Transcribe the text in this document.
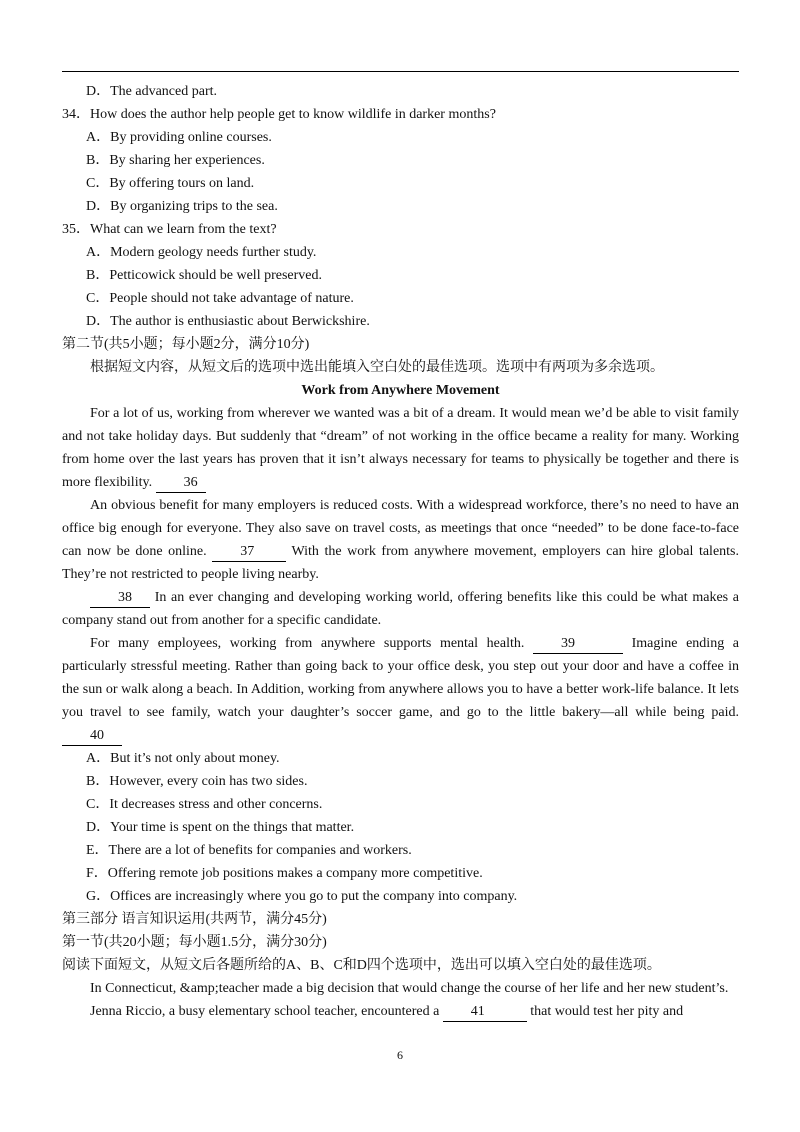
D．The advanced part.
34．How does the author help people get to know wildlife in darker months?
A．By providing online courses.
B．By sharing her experiences.
C．By offering tours on land.
D．By organizing trips to the sea.
35．What can we learn from the text?
A．Modern geology needs further study.
B．Petticowick should be well preserved.
C．People should not take advantage of nature.
D．The author is enthusiastic about Berwickshire.
第二节(共5小题；每小题2分，满分10分)
根据短文内容，从短文后的选项中选出能填入空白处的最佳选项。选项中有两项为多余选项。
Work from Anywhere Movement
For a lot of us, working from wherever we wanted was a bit of a dream. It would mean we’d be able to visit family and not take holiday days. But suddenly that “dream” of not working in the office became a reality for many. Working from home over the last years has proven that it isn’t always necessary for teams to physically be together and there is more flexibility. 36
An obvious benefit for many employers is reduced costs. With a widespread workforce, there’s no need to have an office big enough for everyone. They also save on travel costs, as meetings that once “needed” to be done face-to-face can now be done online. 37	With the work from anywhere movement, employers can hire global talents. They’re not restricted to people living nearby.
38 In an ever changing and developing working world, offering benefits like this could be what makes a company stand out from another for a specific candidate.
For many employees, working from anywhere supports mental health.	39	Imagine ending a particularly stressful meeting. Rather than going back to your office desk, you step out your door and have a coffee in the sun or walk along a beach. In Addition, working from anywhere allows you to have a better work-life balance. It lets you travel to see family, watch your daughter’s soccer game, and go to the little bakery—all while being paid. 40
A．But it’s not only about money.
B．However, every coin has two sides.
C．It decreases stress and other concerns.
D．Your time is spent on the things that matter.
E．There are a lot of benefits for companies and workers.
F．Offering remote job positions makes a company more competitive.
G．Offices are increasingly where you go to put the company into company.
第三部分 语言知识运用(共两节，满分45分)
第一节(共20小题；每小题1.5分，满分30分)
阅读下面短文，从短文后各题所给的A、B、C和D四个选项中，选出可以填入空白处的最佳选项。
In Connecticut, &amp;teacher made a big decision that would change the course of her life and her new student’s.
Jenna Riccio, a busy elementary school teacher, encountered a 41	that would test her pity and
6
